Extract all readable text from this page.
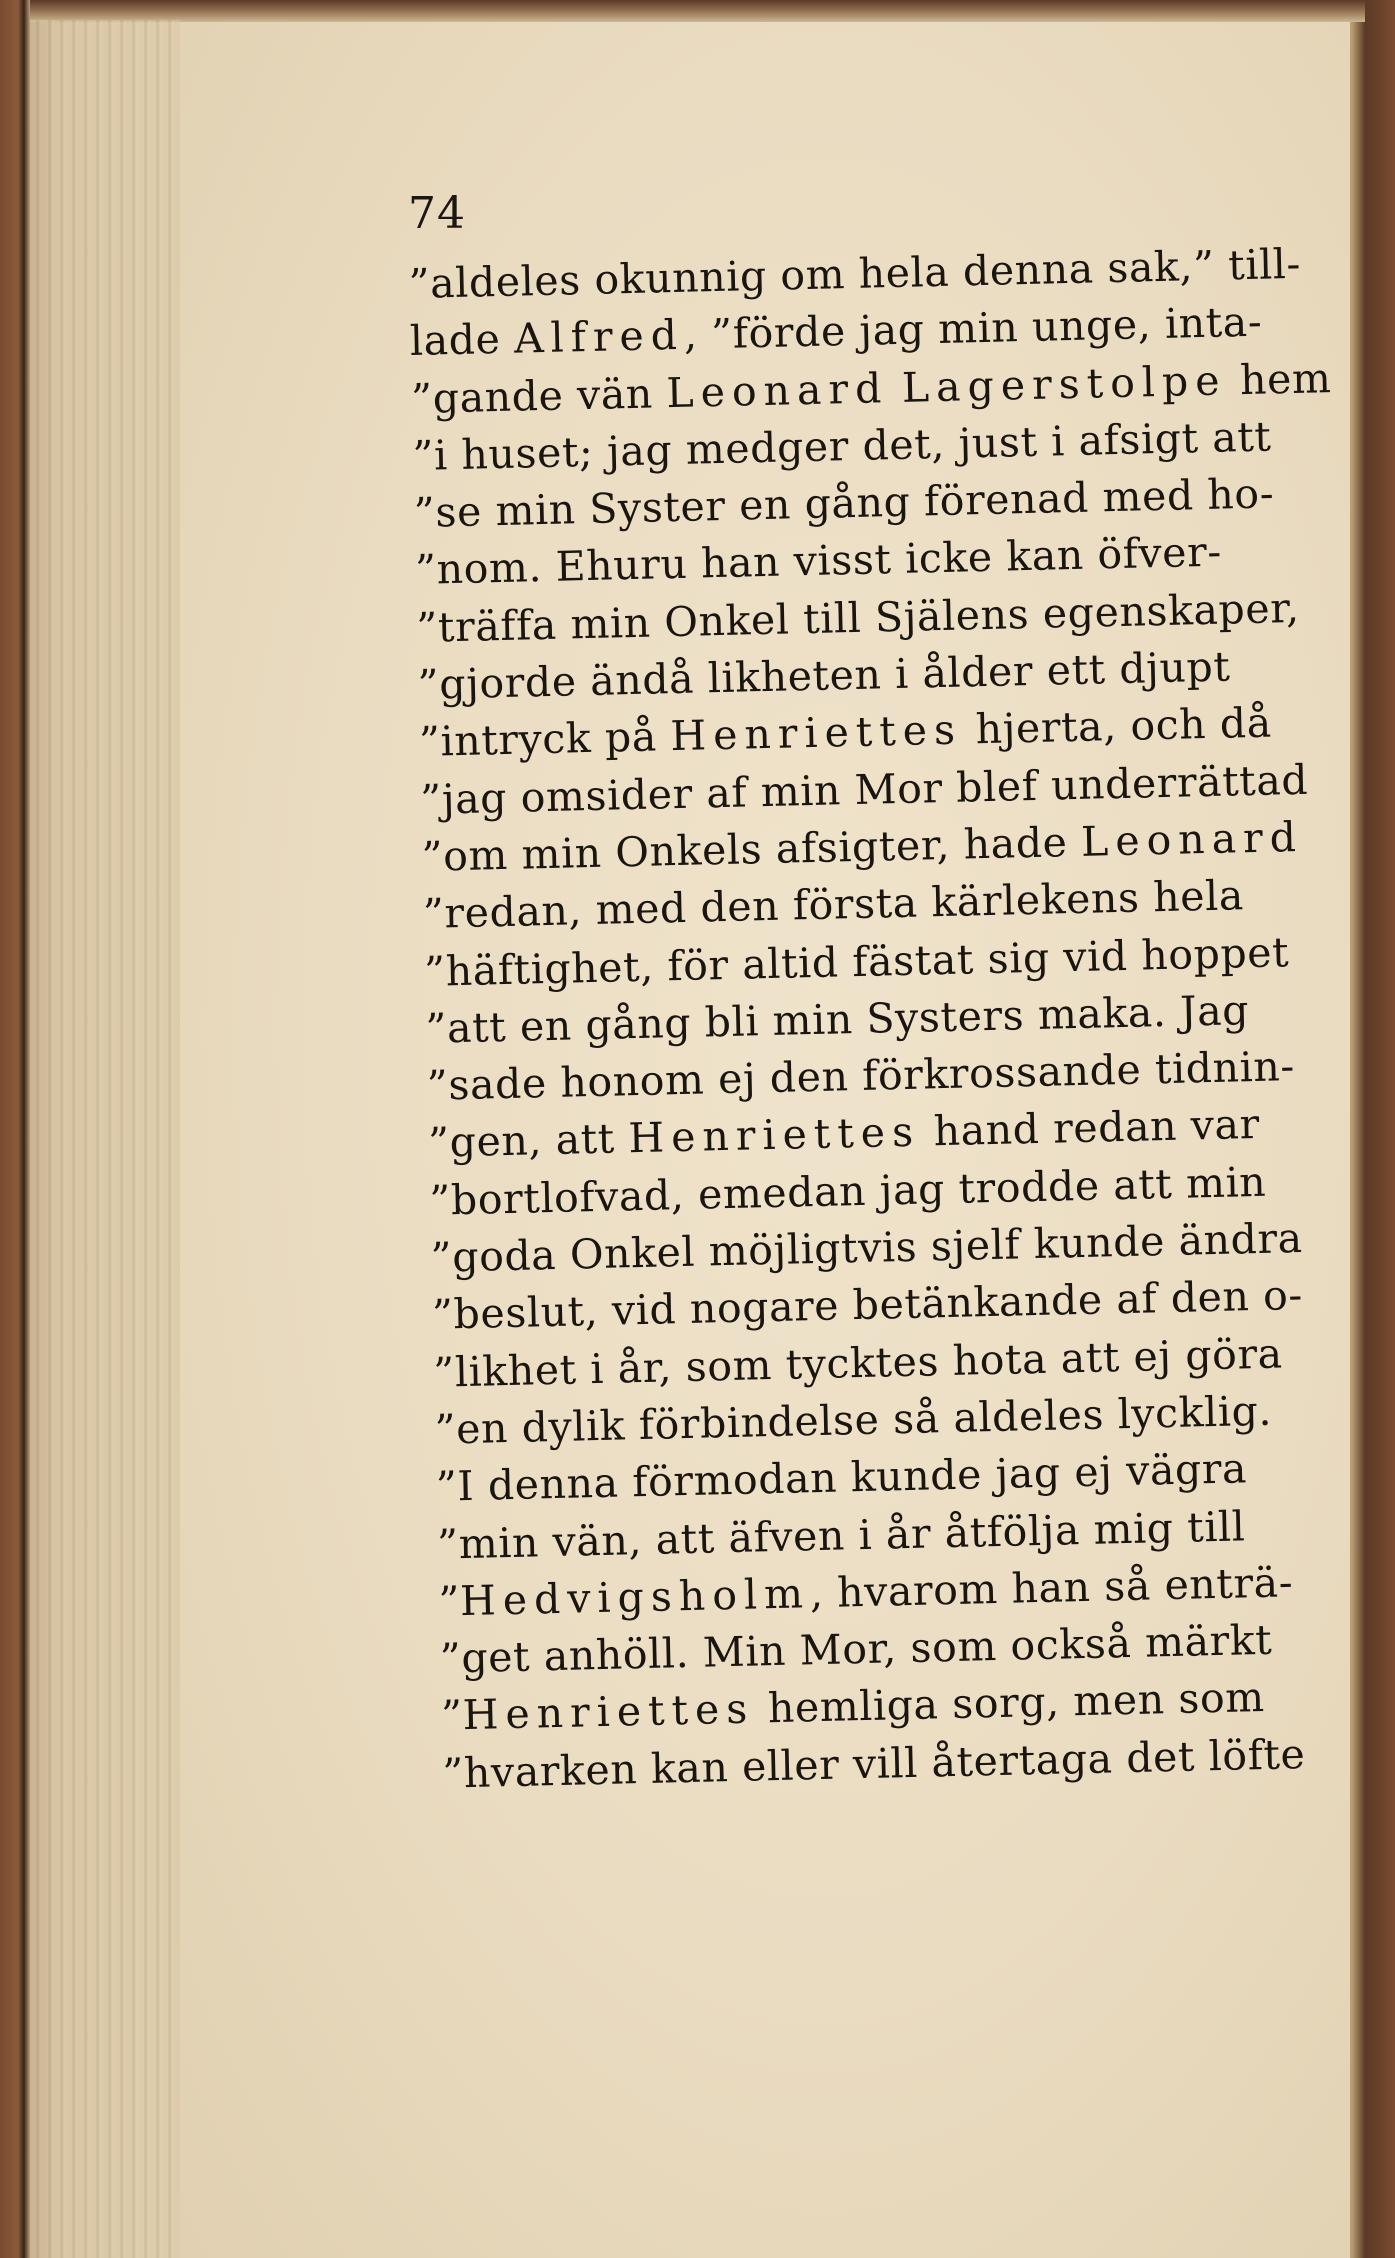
74
”aldeles okunnig om hela denna sak,” till-
lade Alfred, ”förde jag min unge, inta-
”gande vän Leonard Lagerstolpe hem
”i huset; jag medger det, just i afsigt att
”se min Syster en gång förenad med ho-
”nom. Ehuru han visst icke kan öfver-
”träffa min Onkel till Själens egenskaper,
”gjorde ändå likheten i ålder ett djupt
”intryck på Henriettes hjerta, och då
”jag omsider af min Mor blef underrättad
”om min Onkels afsigter, hade Leonard
”redan, med den första kärlekens hela
”häftighet, för altid fästat sig vid hoppet
”att en gång bli min Systers maka. Jag
”sade honom ej den förkrossande tidnin-
”gen, att Henriettes hand redan var
”bortlofvad, emedan jag trodde att min
”goda Onkel möjligtvis sjelf kunde ändra
”beslut, vid nogare betänkande af den o-
”likhet i år, som tycktes hota att ej göra
”en dylik förbindelse så aldeles lycklig.
”I denna förmodan kunde jag ej vägra
”min vän, att äfven i år åtfölja mig till
”Hedvigsholm, hvarom han så enträ-
”get anhöll. Min Mor, som också märkt
”Henriettes hemliga sorg, men som
”hvarken kan eller vill återtaga det löfte
